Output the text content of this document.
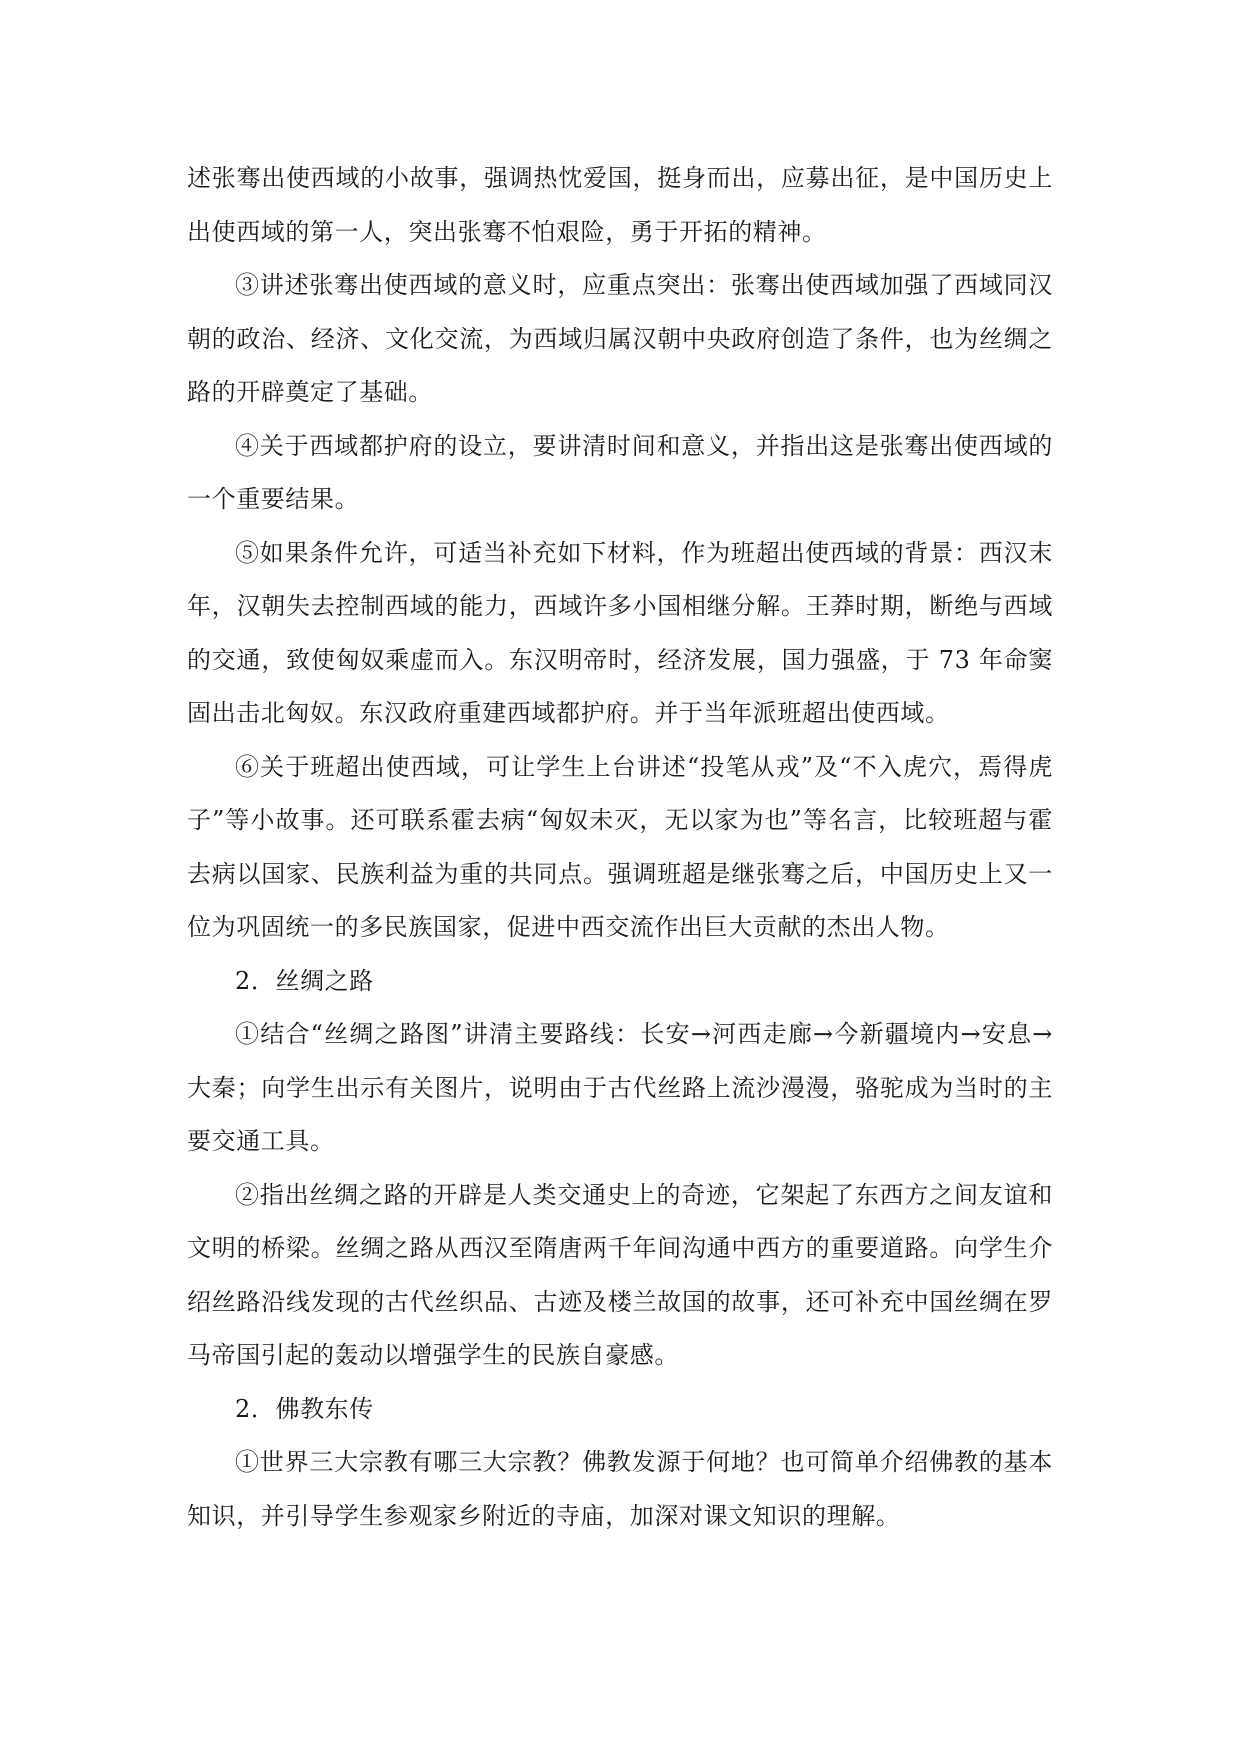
述张骞出使西域的小故事，强调热忱爱国，挺身而出，应募出征，是中国历史上出使西域的第一人，突出张骞不怕艰险，勇于开拓的精神。

③讲述张骞出使西域的意义时，应重点突出：张骞出使西域加强了西域同汉朝的政治、经济、文化交流，为西域归属汉朝中央政府创造了条件，也为丝绸之路的开辟奠定了基础。

④关于西域都护府的设立，要讲清时间和意义，并指出这是张骞出使西域的一个重要结果。

⑤如果条件允许，可适当补充如下材料，作为班超出使西域的背景：西汉末年，汉朝失去控制西域的能力，西域许多小国相继分解。王莽时期，断绝与西域的交通，致使匈奴乘虚而入。东汉明帝时，经济发展，国力强盛，于 73 年命窦固出击北匈奴。东汉政府重建西域都护府。并于当年派班超出使西域。

⑥关于班超出使西域，可让学生上台讲述“投笔从戎”及“不入虎穴，焉得虎子”等小故事。还可联系霍去病“匈奴未灭，无以家为也”等名言，比较班超与霍去病以国家、民族利益为重的共同点。强调班超是继张骞之后，中国历史上又一位为巩固统一的多民族国家，促进中西交流作出巨大贡献的杰出人物。

2．丝绸之路

①结合“丝绸之路图”讲清主要路线：长安→河西走廊→今新疆境内→安息→大秦；向学生出示有关图片，说明由于古代丝路上流沙漫漫，骆驼成为当时的主要交通工具。

②指出丝绸之路的开辟是人类交通史上的奇迹，它架起了东西方之间友谊和文明的桥梁。丝绸之路从西汉至隋唐两千年间沟通中西方的重要道路。向学生介绍丝路沿线发现的古代丝织品、古迹及楼兰故国的故事，还可补充中国丝绸在罗马帝国引起的轰动以增强学生的民族自豪感。

2．佛教东传

①世界三大宗教有哪三大宗教？佛教发源于何地？也可简单介绍佛教的基本知识，并引导学生参观家乡附近的寺庙，加深对课文知识的理解。
